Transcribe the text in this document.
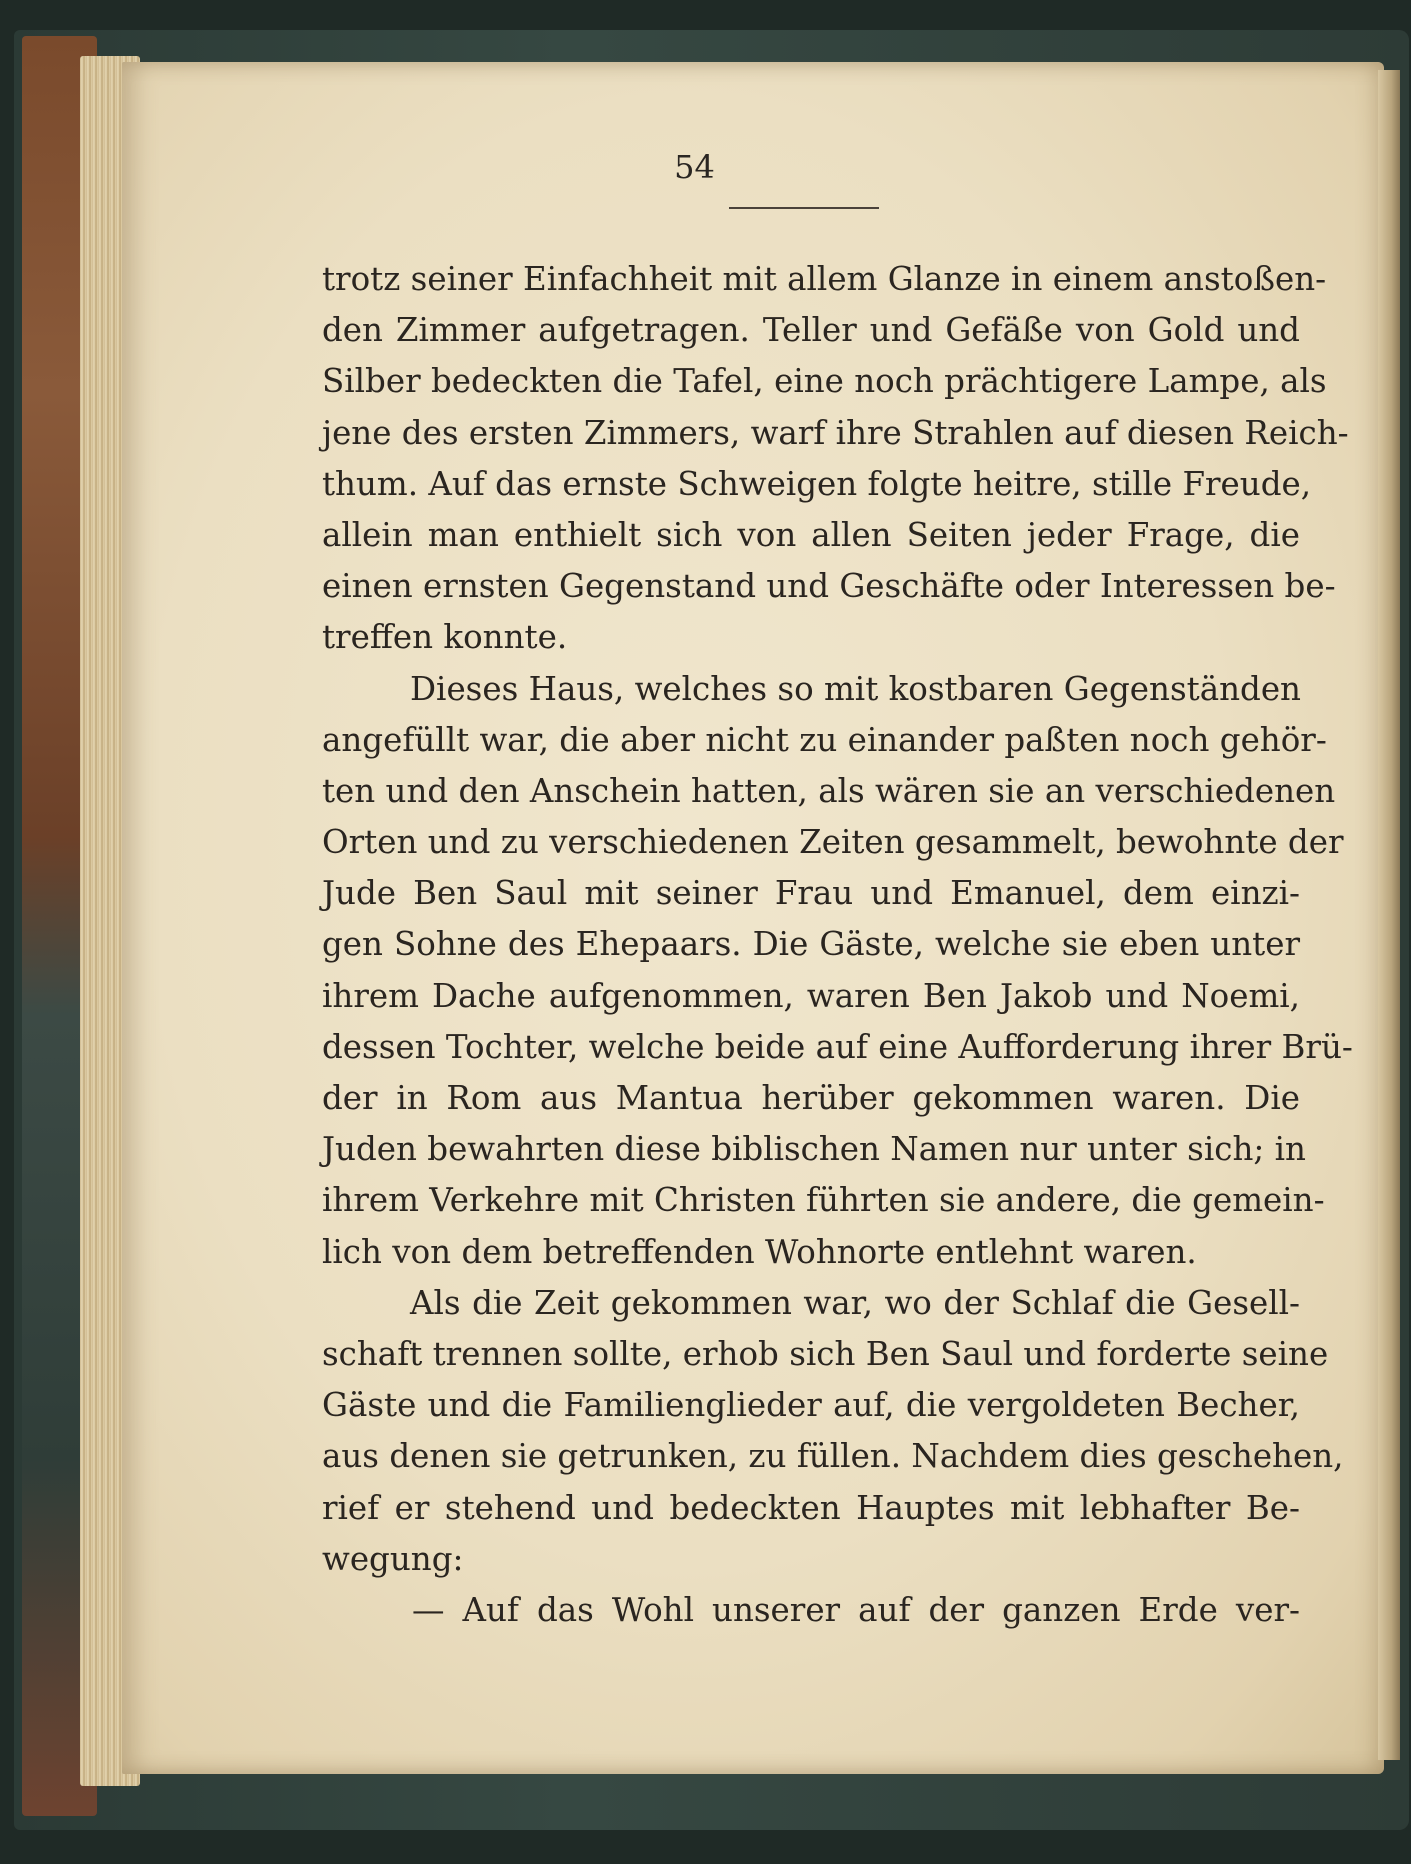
54
trotz seiner Einfachheit mit allem Glanze in einem anstoßen-
den Zimmer aufgetragen. Teller und Gefäße von Gold und
Silber bedeckten die Tafel, eine noch prächtigere Lampe, als
jene des ersten Zimmers, warf ihre Strahlen auf diesen Reich-
thum. Auf das ernste Schweigen folgte heitre, stille Freude,
allein man enthielt sich von allen Seiten jeder Frage, die
einen ernsten Gegenstand und Geschäfte oder Interessen be-
treffen konnte.
Dieses Haus, welches so mit kostbaren Gegenständen
angefüllt war, die aber nicht zu einander paßten noch gehör-
ten und den Anschein hatten, als wären sie an verschiedenen
Orten und zu verschiedenen Zeiten gesammelt, bewohnte der
Jude Ben Saul mit seiner Frau und Emanuel, dem einzi-
gen Sohne des Ehepaars. Die Gäste, welche sie eben unter
ihrem Dache aufgenommen, waren Ben Jakob und Noemi,
dessen Tochter, welche beide auf eine Aufforderung ihrer Brü-
der in Rom aus Mantua herüber gekommen waren. Die
Juden bewahrten diese biblischen Namen nur unter sich; in
ihrem Verkehre mit Christen führten sie andere, die gemein-
lich von dem betreffenden Wohnorte entlehnt waren.
Als die Zeit gekommen war, wo der Schlaf die Gesell-
schaft trennen sollte, erhob sich Ben Saul und forderte seine
Gäste und die Familienglieder auf, die vergoldeten Becher,
aus denen sie getrunken, zu füllen. Nachdem dies geschehen,
rief er stehend und bedeckten Hauptes mit lebhafter Be-
wegung:
— Auf das Wohl unserer auf der ganzen Erde ver-
